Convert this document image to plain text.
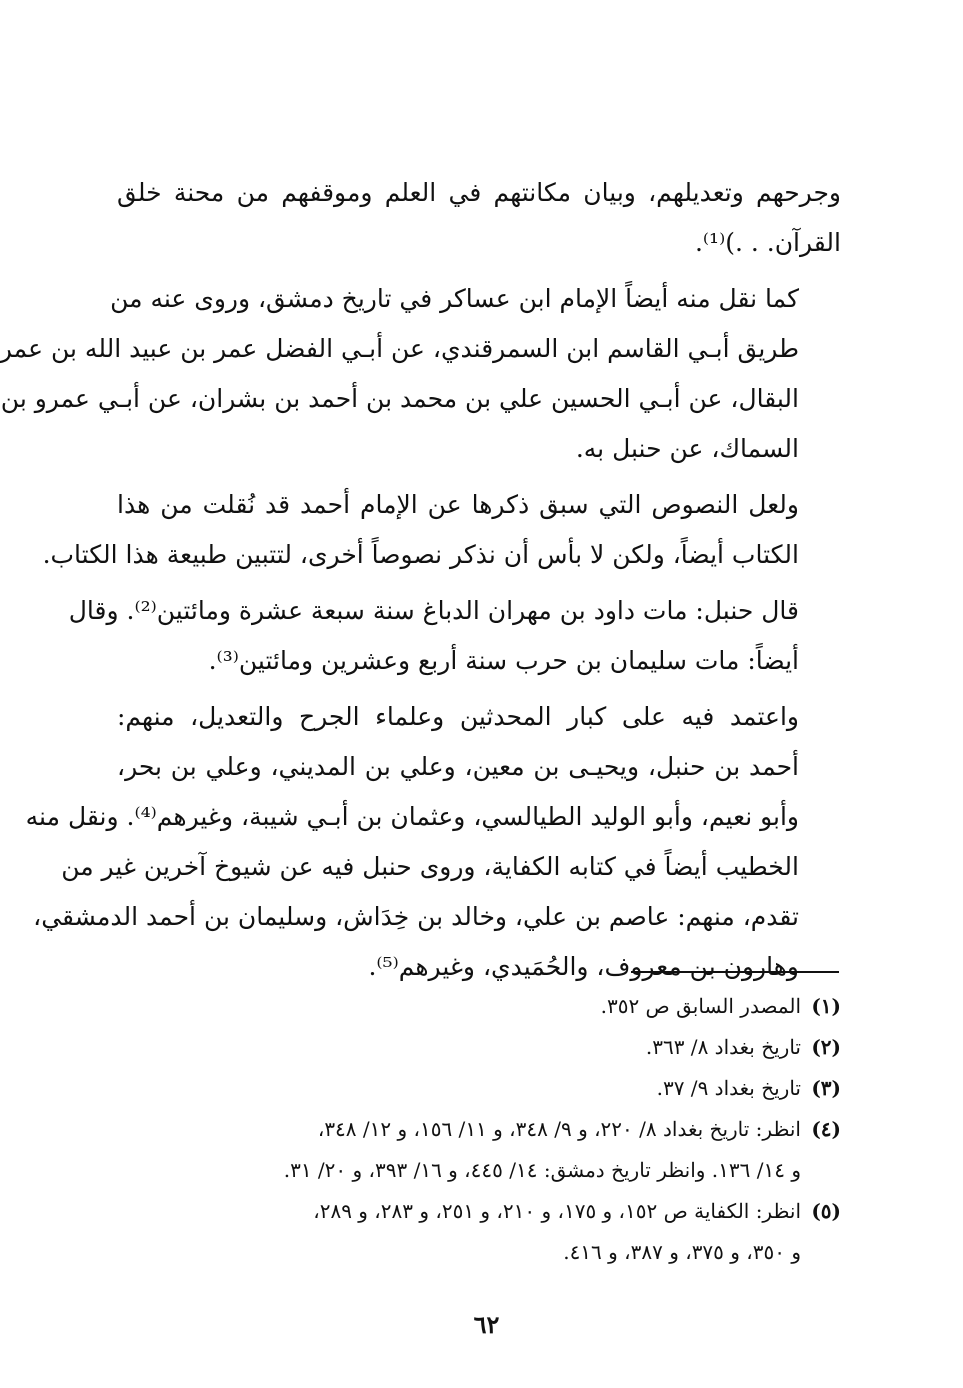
وجرحهم وتعديلهم، وبيان مكانتهم في العلم وموقفهم من محنة خلق
القرآن. . .)⁽¹⁾.

كما نقل منه أيضاً الإمام ابن عساكر في تاريخ دمشق، وروى عنه من
طريق أبـي القاسم ابن السمرقندي، عن أبـي الفضل عمر بن عبيد الله بن عمر
البقال، عن أبـي الحسين علي بن محمد بن أحمد بن بشران، عن أبـي عمرو بن
السماك، عن حنبل به.

ولعل النصوص التي سبق ذكرها عن الإمام أحمد قد نُقلت من هذا
الكتاب أيضاً، ولكن لا بأس أن نذكر نصوصاً أخرى، لتتبين طبيعة هذا الكتاب.

قال حنبل: مات داود بن مهران الدباغ سنة سبعة عشرة ومائتين⁽²⁾. وقال
أيضاً: مات سليمان بن حرب سنة أربع وعشرين ومائتين⁽³⁾.

واعتمد فيه على كبار المحدثين وعلماء الجرح والتعديل، منهم:
أحمد بن حنبل، ويحيـى بن معين، وعلي بن المديني، وعلي بن بحر،
وأبو نعيم، وأبو الوليد الطيالسي، وعثمان بن أبـي شيبة، وغيرهم⁽⁴⁾. ونقل منه
الخطيب أيضاً في كتابه الكفاية، وروى حنبل فيه عن شيوخ آخرين غير من
تقدم، منهم: عاصم بن علي، وخالد بن خِدَاش، وسليمان بن أحمد الدمشقي،
وهارون بن معروف، والحُمَيدي، وغيرهم⁽⁵⁾.

(١)المصدر السابق ص ٣٥٢.
(٢)تاريخ بغداد ٨/ ٣٦٣.
(٣)تاريخ بغداد ٩/ ٣٧.
(٤)انظر: تاريخ بغداد ٨/ ٢٢٠، و ٩/ ٣٤٨، و ١١/ ١٥٦، و ١٢/ ٣٤٨،
و ١٤/ ١٣٦. وانظر تاريخ دمشق: ١٤/ ٤٤٥، و ١٦/ ٣٩٣، و ٢٠/ ٣١.
(٥)انظر: الكفاية ص ١٥٢، و ١٧٥، و ٢١٠، و ٢٥١، و ٢٨٣، و ٢٨٩،
و ٣٥٠، و ٣٧٥، و ٣٨٧، و ٤١٦.
٦٢
